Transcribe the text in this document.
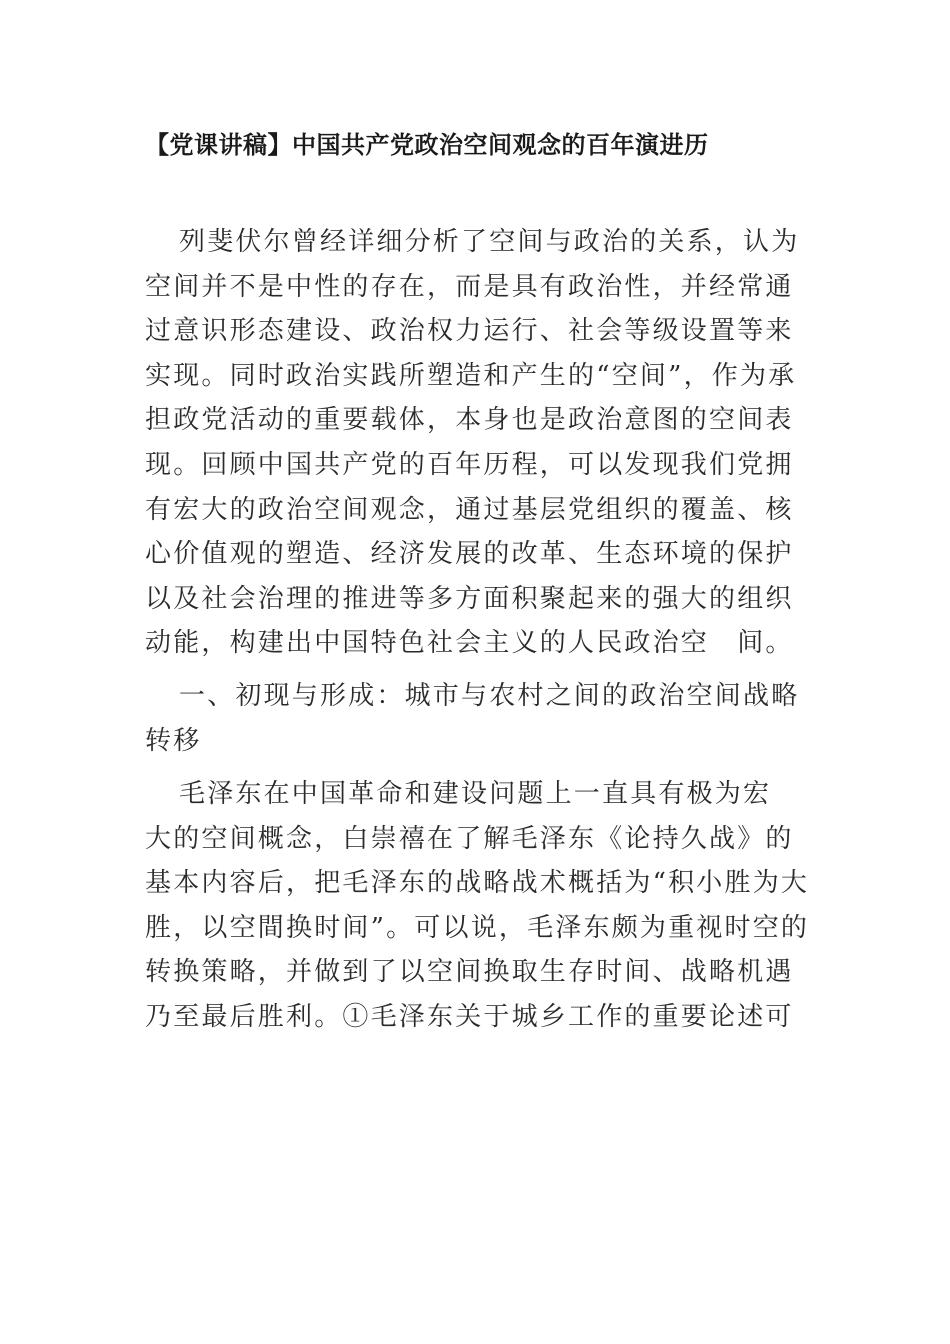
【党课讲稿】中国共产党政治空间观念的百年演进历
列斐伏尔曾经详细分析了空间与政治的关系，认为
空间并不是中性的存在，而是具有政治性，并经常通
过意识形态建设、政治权力运行、社会等级设置等来
实现。同时政治实践所塑造和产生的“空间”，作为承
担政党活动的重要载体，本身也是政治意图的空间表
现。回顾中国共产党的百年历程，可以发现我们党拥
有宏大的政治空间观念，通过基层党组织的覆盖、核
心价值观的塑造、经济发展的改革、生态环境的保护
以及社会治理的推进等多方面积聚起来的强大的组织
动能，构建出中国特色社会主义的人民政治空　间。
一、初现与形成：城市与农村之间的政治空间战略
转移
毛泽东在中国革命和建设问题上一直具有极为宏
大的空间概念，白崇禧在了解毛泽东《论持久战》的
基本内容后，把毛泽东的战略战术概括为“积小胜为大
胜，以空間换时间”。可以说，毛泽东颇为重视时空的
转换策略，并做到了以空间换取生存时间、战略机遇
乃至最后胜利。①毛泽东关于城乡工作的重要论述可
